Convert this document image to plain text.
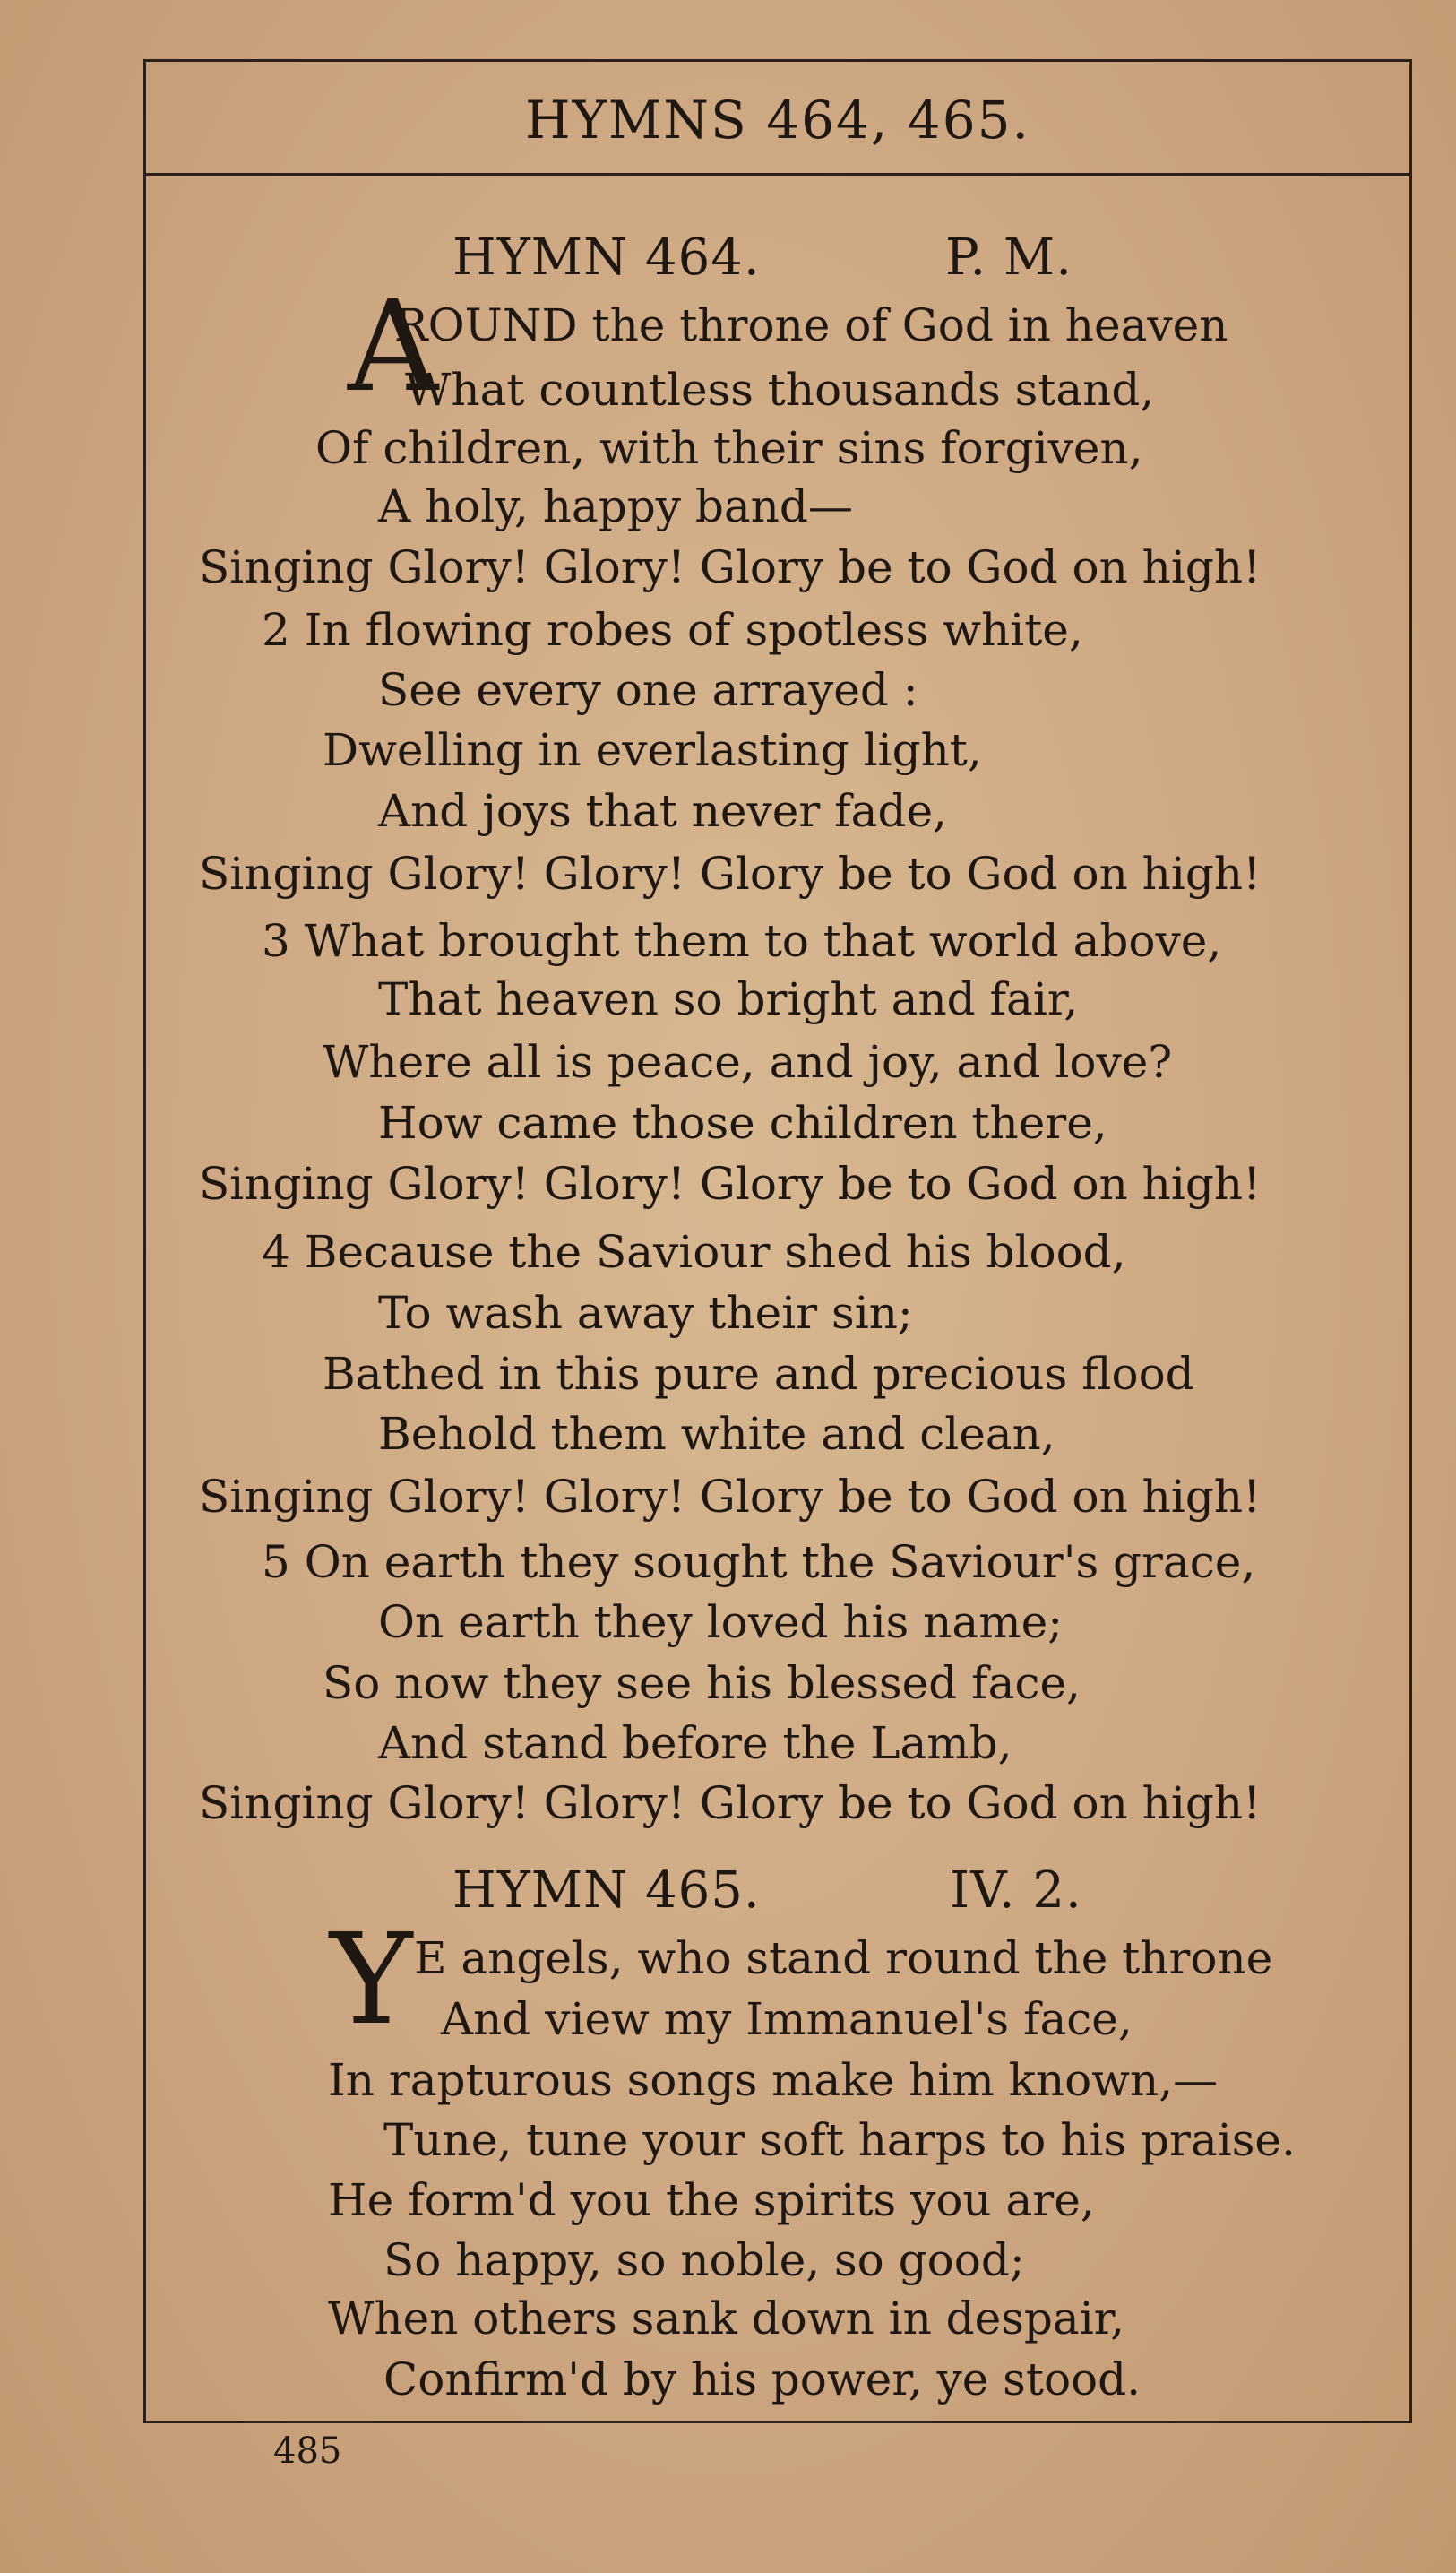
HYMNS 464, 465.
HYMN 464.	P. M.
A
ROUND the throne of God in heaven
What countless thousands stand,
Of children, with their sins forgiven,
A holy, happy band—
Singing Glory! Glory! Glory be to God on high!
2 In flowing robes of spotless white,
See every one arrayed :
Dwelling in everlasting light,
And joys that never fade,
Singing Glory! Glory! Glory be to God on high!
3 What brought them to that world above,
That heaven so bright and fair,
Where all is peace, and joy, and love?
How came those children there,
Singing Glory! Glory! Glory be to God on high!
4 Because the Saviour shed his blood,
To wash away their sin;
Bathed in this pure and precious flood
Behold them white and clean,
Singing Glory! Glory! Glory be to God on high!
5 On earth they sought the Saviour's grace,
On earth they loved his name;
So now they see his blessed face,
And stand before the Lamb,
Singing Glory! Glory! Glory be to God on high!
HYMN 465.	IV. 2.
Y E angels, who stand round the throne
And view my Immanuel's face,
In rapturous songs make him known,—
Tune, tune your soft harps to his praise.
He form'd you the spirits you are,
So happy, so noble, so good;
When others sank down in despair,
Confirm'd by his power, ye stood.
485
